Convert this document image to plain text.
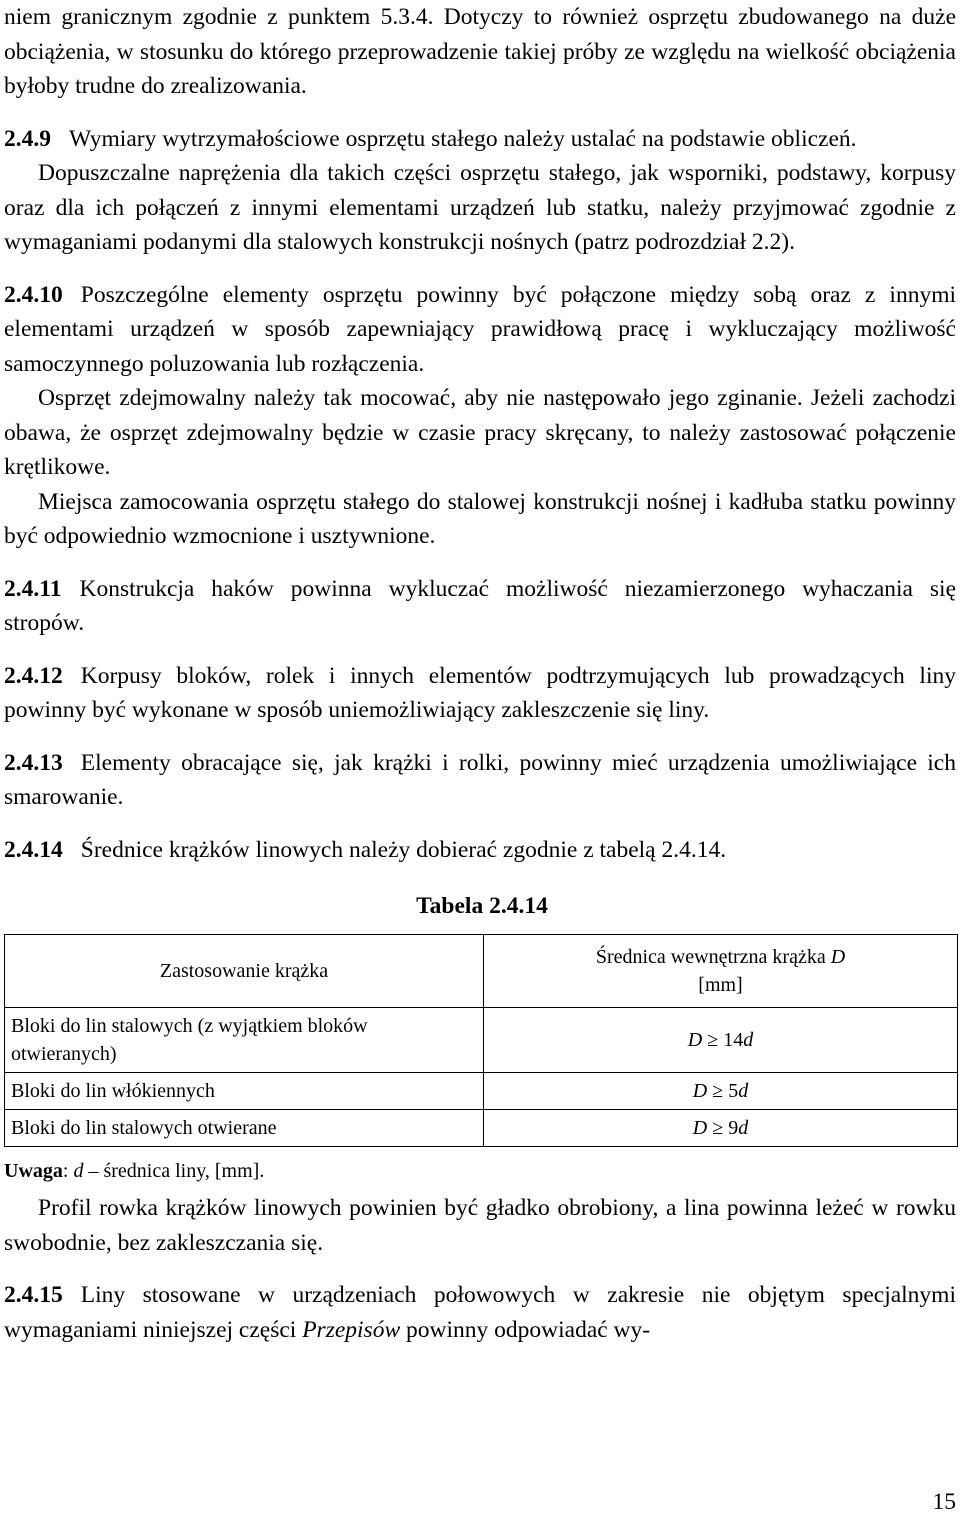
niem granicznym zgodnie z punktem 5.3.4. Dotyczy to również osprzętu zbudowanego na duże obciążenia, w stosunku do którego przeprowadzenie takiej próby ze względu na wielkość obciążenia byłoby trudne do zrealizowania.

2.4.9 Wymiary wytrzymałościowe osprzętu stałego należy ustalać na podstawie obliczeń.

Dopuszczalne naprężenia dla takich części osprzętu stałego, jak wsporniki, podstawy, korpusy oraz dla ich połączeń z innymi elementami urządzeń lub statku, należy przyjmować zgodnie z wymaganiami podanymi dla stalowych konstrukcji nośnych (patrz podrozdział 2.2).

2.4.10 Poszczególne elementy osprzętu powinny być połączone między sobą oraz z innymi elementami urządzeń w sposób zapewniający prawidłową pracę i wykluczający możliwość samoczynnego poluzowania lub rozłączenia.

Osprzęt zdejmowalny należy tak mocować, aby nie następowało jego zginanie. Jeżeli zachodzi obawa, że osprzęt zdejmowalny będzie w czasie pracy skręcany, to należy zastosować połączenie krętlikowe.

Miejsca zamocowania osprzętu stałego do stalowej konstrukcji nośnej i kadłuba statku powinny być odpowiednio wzmocnione i usztywnione.

2.4.11 Konstrukcja haków powinna wykluczać możliwość niezamierzonego wyhaczania się stropów.

2.4.12 Korpusy bloków, rolek i innych elementów podtrzymujących lub prowadzących liny powinny być wykonane w sposób uniemożliwiający zakleszczenie się liny.

2.4.13 Elementy obracające się, jak krążki i rolki, powinny mieć urządzenia umożliwiające ich smarowanie.

2.4.14 Średnice krążków linowych należy dobierać zgodnie z tabelą 2.4.14.

Tabela 2.4.14
Zastosowanie krążka	Średnica wewnętrzna krążka D
[mm]
Bloki do lin stalowych (z wyjątkiem bloków otwieranych)	D ≥ 14d
Bloki do lin włókiennych	D ≥ 5d
Bloki do lin stalowych otwierane	D ≥ 9d
Uwaga: d – średnica liny, [mm].

Profil rowka krążków linowych powinien być gładko obrobiony, a lina powinna leżeć w rowku swobodnie, bez zakleszczania się.

2.4.15 Liny stosowane w urządzeniach połowowych w zakresie nie objętym specjalnymi wymaganiami niniejszej części Przepisów powinny odpowiadać wy-

15
